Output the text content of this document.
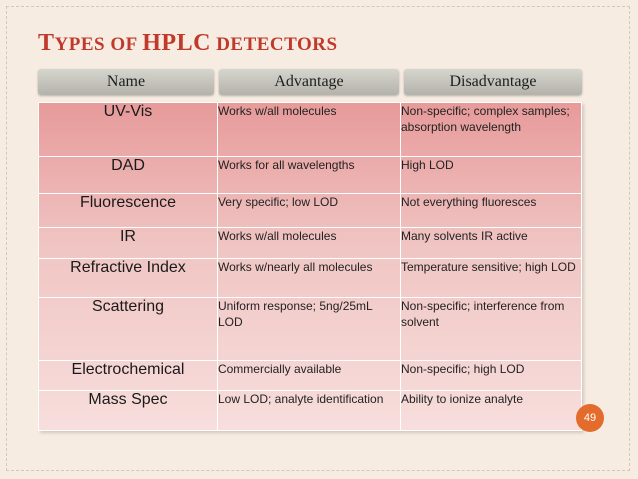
TYPES OF HPLC DETECTORS
Name	Advantage	Disadvantage
UV-Vis	Works w/all molecules	Non-specific; complex samples; absorption wavelength
DAD	Works for all wavelengths	High LOD
Fluorescence	Very specific; low LOD	Not everything fluoresces
IR	Works w/all molecules	Many solvents IR active
Refractive Index	Works w/nearly all molecules	Temperature sensitive; high LOD
Scattering	Uniform response; 5ng/25mL LOD	Non-specific; interference from solvent
Electrochemical	Commercially available	Non-specific; high LOD
Mass Spec	Low LOD; analyte identification	Ability to ionize analyte
49
